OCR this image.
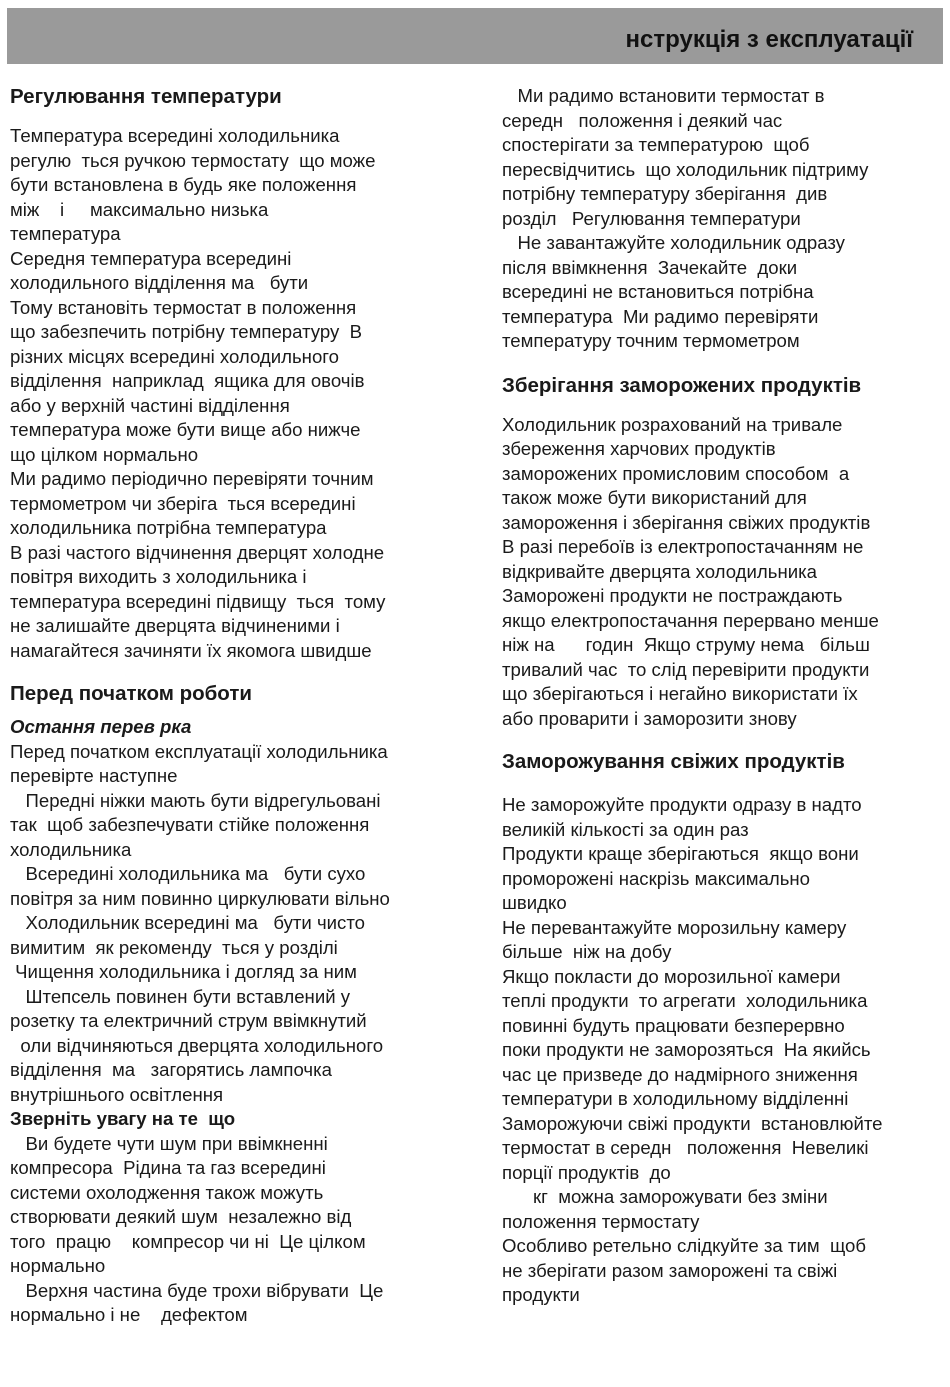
нструкція з експлуатації
Регулювання температури
Температура всередині холодильника
регулю  ться ручкою термостату  що може
бути встановлена в будь яке положення
між    і     максимально низька
температура
Середня температура всередині
холодильного відділення ма   бути
Тому встановіть термостат в положення
що забезпечить потрібну температуру  В
різних місцях всередині холодильного
відділення  наприклад  ящика для овочів
або у верхній частині відділення
температура може бути вище або нижче
що цілком нормально
Ми радимо періодично перевіряти точним
термометром чи зберіга  ться всередині
холодильника потрібна температура
В разі частого відчинення дверцят холодне
повітря виходить з холодильника і
температура всередині підвищу  ться  тому
не залишайте дверцята відчиненими і
намагайтеся зачиняти їх якомога швидше
Перед початком роботи
Остання перев рка
Перед початком експлуатації холодильника
перевірте наступне
Передні ніжки мають бути відрегульовані
так  щоб забезпечувати стійке положення
холодильника
Всередині холодильника ма   бути сухо
повітря за ним повинно циркулювати вільно
Холодильник всередині ма   бути чисто
вимитим  як рекоменду  ться у розділі
Чищення холодильника і догляд за ним
Штепсель повинен бути вставлений у
розетку та електричний струм ввімкнутий
оли відчиняються дверцята холодильного
відділення  ма   загорятись лампочка
внутрішнього освітлення
Зверніть увагу на те  що
Ви будете чути шум при ввімкненні
компресора  Рідина та газ всередині
системи охолодження також можуть
створювати деякий шум  незалежно від
того  працю    компресор чи ні  Це цілком
нормально
Верхня частина буде трохи вібрувати  Це
нормально і не    дефектом
Ми радимо встановити термостат в
середн   положення і деякий час
спостерігати за температурою  щоб
пересвідчитись  що холодильник підтриму
потрібну температуру зберігання  див
розділ   Регулювання температури
Не завантажуйте холодильник одразу
після ввімкнення  Зачекайте  доки
всередині не встановиться потрібна
температура  Ми радимо перевіряти
температуру точним термометром
Зберігання заморожених продуктів
Холодильник розрахований на тривале
збереження харчових продуктів
заморожених промисловим способом  а
також може бути використаний для
замороження і зберігання свіжих продуктів
В разі перебоїв із електропостачанням не
відкривайте дверцята холодильника
Заморожені продукти не постраждають
якщо електропостачання перервано менше
ніж на      годин  Якщо струму нема   більш
тривалий час  то слід перевірити продукти
що зберігаються і негайно використати їх
або проварити і заморозити знову
Заморожування свіжих продуктів
Не заморожуйте продукти одразу в надто
великій кількості за один раз
Продукти краще зберігаються  якщо вони
проморожені наскрізь максимально
швидко
Не перевантажуйте морозильну камеру
більше  ніж на добу
Якщо покласти до морозильної камери
теплі продукти  то агрегати  холодильника
повинні будуть працювати безперервно
поки продукти не заморозяться  На якийсь
час це призведе до надмірного зниження
температури в холодильному відділенні
Заморожуючи свіжі продукти  встановлюйте
термостат в середн   положення  Невеликі
порції продуктів  до
кг  можна заморожувати без зміни
положення термостату
Особливо ретельно слідкуйте за тим  щоб
не зберігати разом заморожені та свіжі
продукти
